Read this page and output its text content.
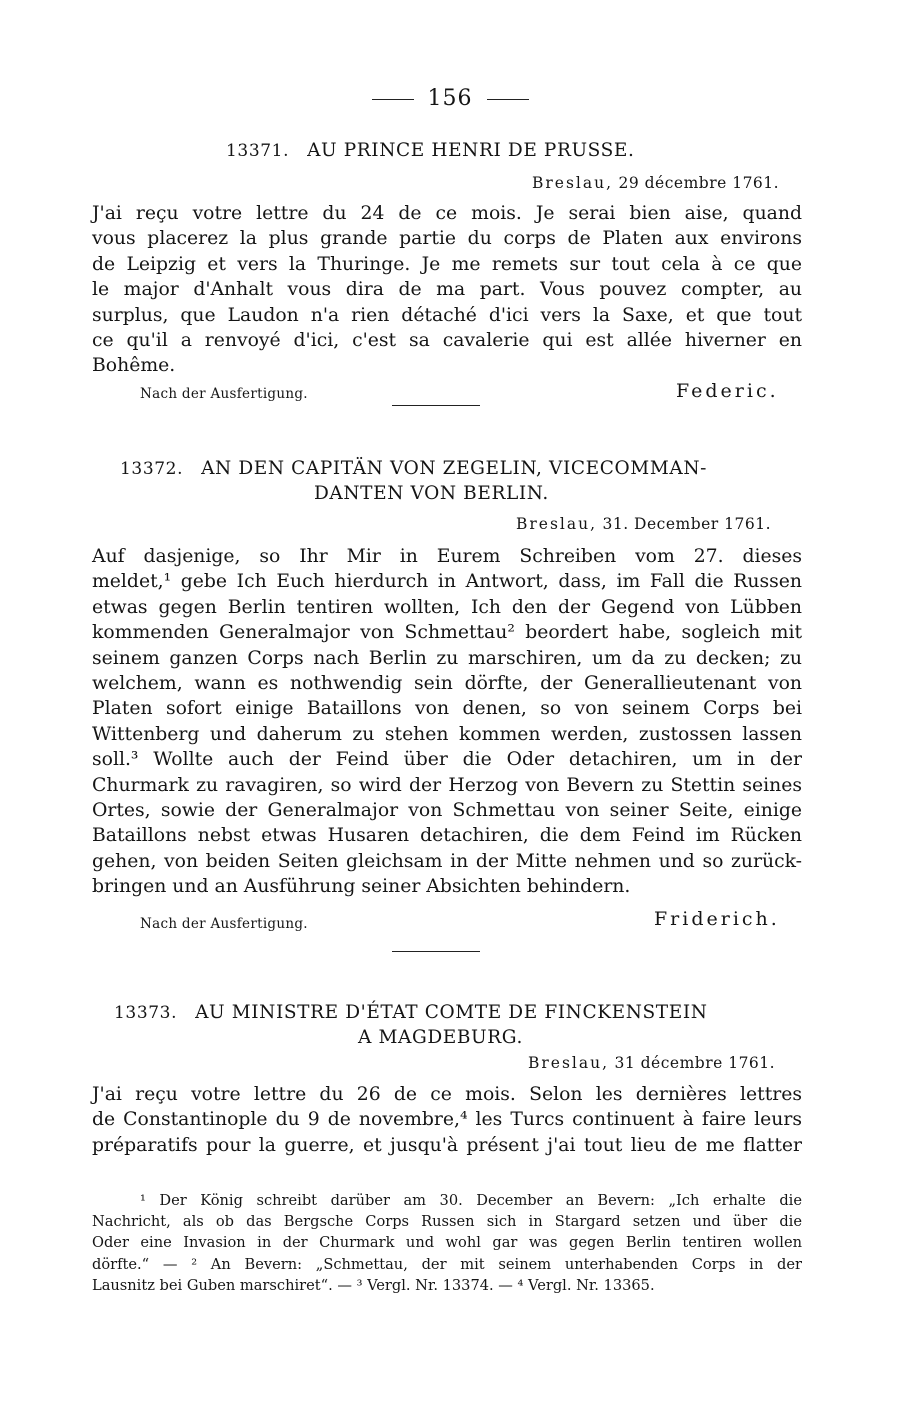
156
13371. AU PRINCE HENRI DE PRUSSE.
Breslau, 29 décembre 1761.
J'ai reçu votre lettre du 24 de ce mois. Je serai bien aise, quand
vous placerez la plus grande partie du corps de Platen aux environs
de Leipzig et vers la Thuringe. Je me remets sur tout cela à ce que
le major d'Anhalt vous dira de ma part. Vous pouvez compter, au
surplus, que Laudon n'a rien détaché d'ici vers la Saxe, et que tout
ce qu'il a renvoyé d'ici, c'est sa cavalerie qui est allée hiverner en
Bohême.
Nach der Ausfertigung.	Federic.
13372. AN DEN CAPITÄN VON ZEGELIN, VICECOMMAN-
DANTEN VON BERLIN.
Breslau, 31. December 1761.
Auf dasjenige, so Ihr Mir in Eurem Schreiben vom 27. dieses
meldet,¹ gebe Ich Euch hierdurch in Antwort, dass, im Fall die Russen
etwas gegen Berlin tentiren wollten, Ich den der Gegend von Lübben
kommenden Generalmajor von Schmettau² beordert habe, sogleich mit
seinem ganzen Corps nach Berlin zu marschiren, um da zu decken; zu
welchem, wann es nothwendig sein dörfte, der Generallieutenant von
Platen sofort einige Bataillons von denen, so von seinem Corps bei
Wittenberg und daherum zu stehen kommen werden, zustossen lassen
soll.³ Wollte auch der Feind über die Oder detachiren, um in der
Churmark zu ravagiren, so wird der Herzog von Bevern zu Stettin seines
Ortes, sowie der Generalmajor von Schmettau von seiner Seite, einige
Bataillons nebst etwas Husaren detachiren, die dem Feind im Rücken
gehen, von beiden Seiten gleichsam in der Mitte nehmen und so zurück-
bringen und an Ausführung seiner Absichten behindern.
Nach der Ausfertigung.	Friderich.
13373. AU MINISTRE D'ÉTAT COMTE DE FINCKENSTEIN
A MAGDEBURG.
Breslau, 31 décembre 1761.
J'ai reçu votre lettre du 26 de ce mois. Selon les dernières lettres
de Constantinople du 9 de novembre,⁴ les Turcs continuent à faire leurs
préparatifs pour la guerre, et jusqu'à présent j'ai tout lieu de me flatter
¹ Der König schreibt darüber am 30. December an Bevern: „Ich erhalte die
Nachricht, als ob das Bergsche Corps Russen sich in Stargard setzen und über die
Oder eine Invasion in der Churmark und wohl gar was gegen Berlin tentiren wollen
dörfte.“ — ² An Bevern: „Schmettau, der mit seinem unterhabenden Corps in der
Lausnitz bei Guben marschiret“. — ³ Vergl. Nr. 13374. — ⁴ Vergl. Nr. 13365.
